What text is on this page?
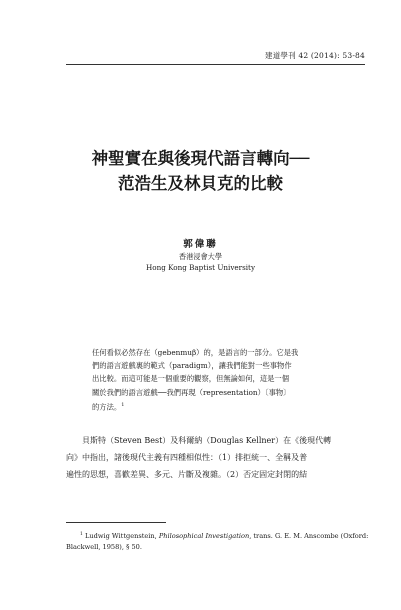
建道學刊 42 (2014): 53-84
神聖實在與後現代語言轉向──
范浩生及林貝克的比較
郭偉聯
香港浸會大學
Hong Kong Baptist University
任何看似必然存在（gebenmuβ）的，是語言的一部分。它是我
們的語言遊戲裏的範式（paradigm），讓我們能對一些事物作
出比較。而這可能是一個重要的觀察，但無論如何，這是一個
關於我們的語言遊戲──我們再現（representation）〔事物〕
的方法。$^1$
貝斯特（Steven Best）及科爾納（Douglas Kellner）在《後現代轉
向》中指出，諸後現代主義有四種相似性：（1）排拒統一、全稱及普
遍性的思想，喜歡差異、多元、片斷及複雜。（2）否定固定封閉的結
$^1$ Ludwig Wittgenstein, Philosophical Investigation, trans. G. E. M. Anscombe (Oxford:
Blackwell, 1958), § 50.
